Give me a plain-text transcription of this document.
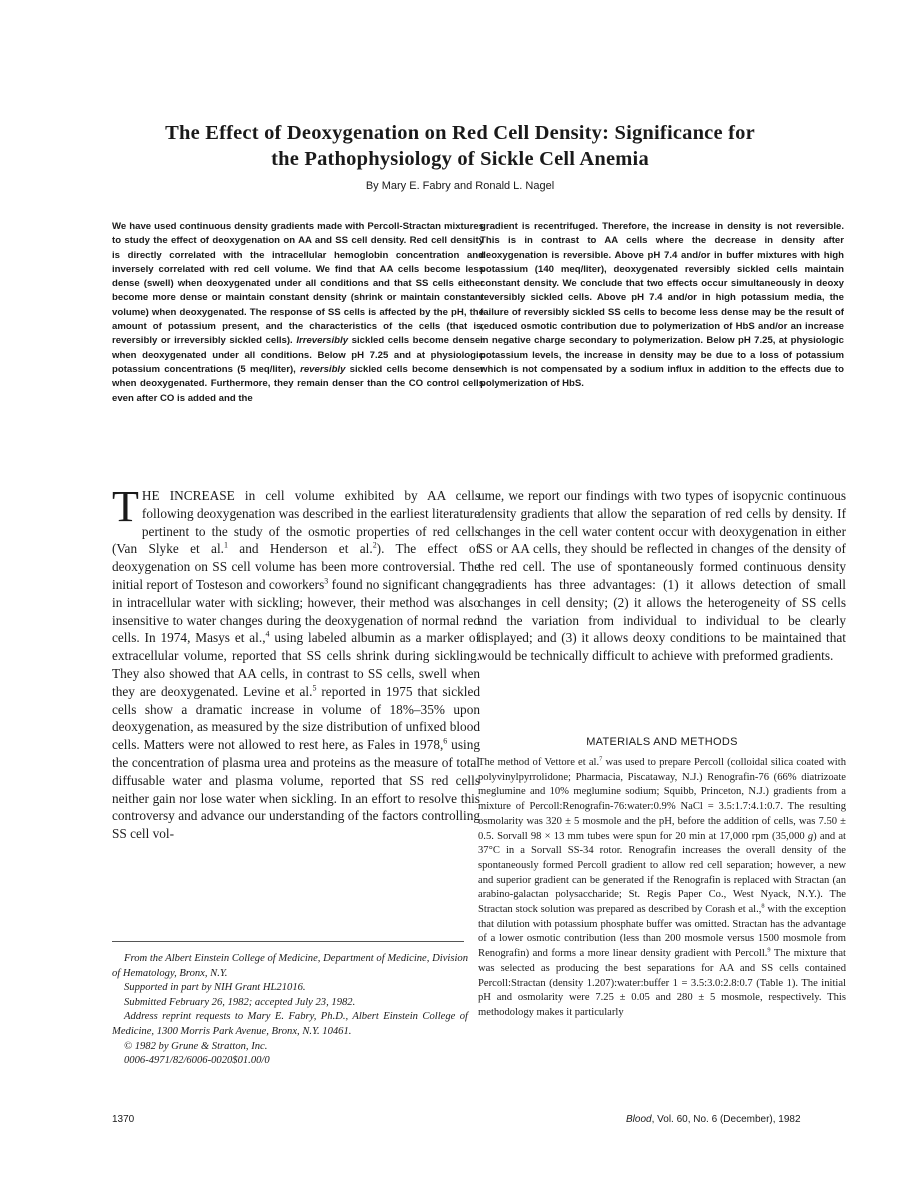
The Effect of Deoxygenation on Red Cell Density: Significance for
the Pathophysiology of Sickle Cell Anemia
By Mary E. Fabry and Ronald L. Nagel
We have used continuous density gradients made with Percoll-Stractan mixtures to study the effect of deoxygenation on AA and SS cell density. Red cell density is directly correlated with the intracellular hemoglobin concentration and inversely correlated with red cell volume. We find that AA cells become less dense (swell) when deoxygenated under all conditions and that SS cells either become more dense or maintain constant density (shrink or maintain constant volume) when deoxygenated. The response of SS cells is affected by the pH, the amount of potassium present, and the characteristics of the cells (that is, reversibly or irreversibly sickled cells). Irreversibly sickled cells become denser when deoxygenated under all conditions. Below pH 7.25 and at physiologic potassium concentrations (5 meq/liter), reversibly sickled cells become denser when deoxygenated. Furthermore, they remain denser than the CO control cells even after CO is added and the
gradient is recentrifuged. Therefore, the increase in density is not reversible. This is in contrast to AA cells where the decrease in density after deoxygenation is reversible. Above pH 7.4 and/or in buffer mixtures with high potassium (140 meq/liter), deoxygenated reversibly sickled cells maintain constant density. We conclude that two effects occur simultaneously in deoxy reversibly sickled cells. Above pH 7.4 and/or in high potassium media, the failure of reversibly sickled SS cells to become less dense may be the result of reduced osmotic contribution due to polymerization of HbS and/or an increase in negative charge secondary to polymerization. Below pH 7.25, at physiologic potassium levels, the increase in density may be due to a loss of potassium which is not compensated by a sodium influx in addition to the effects due to polymerization of HbS.

THE INCREASE in cell volume exhibited by AA cells following deoxygenation was described in the earliest literature pertinent to the study of the osmotic properties of red cells (Van Slyke et al.$^1$ and Henderson et al.$^2$). The effect of deoxygenation on SS cell volume has been more controversial. The initial report of Tosteson and coworkers$^3$ found no significant change in intracellular water with sickling; however, their method was also insensitive to water changes during the deoxygenation of normal red cells. In 1974, Masys et al.,$^4$ using labeled albumin as a marker of extracellular volume, reported that SS cells shrink during sickling. They also showed that AA cells, in contrast to SS cells, swell when they are deoxygenated. Levine et al.$^5$ reported in 1975 that sickled cells show a dramatic increase in volume of 18%–35% upon deoxygenation, as measured by the size distribution of unfixed blood cells. Matters were not allowed to rest here, as Fales in 1978,$^6$ using the concentration of plasma urea and proteins as the measure of total diffusable water and plasma volume, reported that SS red cells neither gain nor lose water when sickling. In an effort to resolve this controversy and advance our understanding of the factors controlling SS cell vol-

ume, we report our findings with two types of isopycnic continuous density gradients that allow the separation of red cells by density. If changes in the cell water content occur with deoxygenation in either SS or AA cells, they should be reflected in changes of the density of the red cell. The use of spontaneously formed continuous density gradients has three advantages: (1) it allows detection of small changes in cell density; (2) it allows the heterogeneity of SS cells and the variation from individual to individual to be clearly displayed; and (3) it allows deoxy conditions to be maintained that would be technically difficult to achieve with preformed gradients.

MATERIALS AND METHODS

The method of Vettore et al.$^7$ was used to prepare Percoll (colloidal silica coated with polyvinylpyrrolidone; Pharmacia, Piscataway, N.J.) Renografin-76 (66% diatrizoate meglumine and 10% meglumine sodium; Squibb, Princeton, N.J.) gradients from a mixture of Percoll:Renografin-76:water:0.9% NaCl = 3.5:1.7:4.1:0.7. The resulting osmolarity was 320 ± 5 mosmole and the pH, before the addition of cells, was 7.50 ± 0.5. Sorvall 98 × 13 mm tubes were spun for 20 min at 17,000 rpm (35,000 g) and at 37°C in a Sorvall SS-34 rotor. Renografin increases the overall density of the spontaneously formed Percoll gradient to allow red cell separation; however, a new and superior gradient can be generated if the Renografin is replaced with Stractan (an arabino-galactan polysaccharide; St. Regis Paper Co., West Nyack, N.Y.). The Stractan stock solution was prepared as described by Corash et al.,$^8$ with the exception that dilution with potassium phosphate buffer was omitted. Stractan has the advantage of a lower osmotic contribution (less than 200 mosmole versus 1500 mosmole from Renografin) and forms a more linear density gradient with Percoll.$^9$ The mixture that was selected as producing the best separations for AA and SS cells contained Percoll:Stractan (density 1.207):water:buffer 1 = 3.5:3.0:2.8:0.7 (Table 1). The initial pH and osmolarity were 7.25 ± 0.05 and 280 ± 5 mosmole, respectively. This methodology makes it particularly

From the Albert Einstein College of Medicine, Department of Medicine, Division of Hematology, Bronx, N.Y.

Supported in part by NIH Grant HL21016.

Submitted February 26, 1982; accepted July 23, 1982.

Address reprint requests to Mary E. Fabry, Ph.D., Albert Einstein College of Medicine, 1300 Morris Park Avenue, Bronx, N.Y. 10461.

© 1982 by Grune & Stratton, Inc.

0006-4971/82/6006-0020$01.00/0

1370	Blood, Vol. 60, No. 6 (December), 1982
